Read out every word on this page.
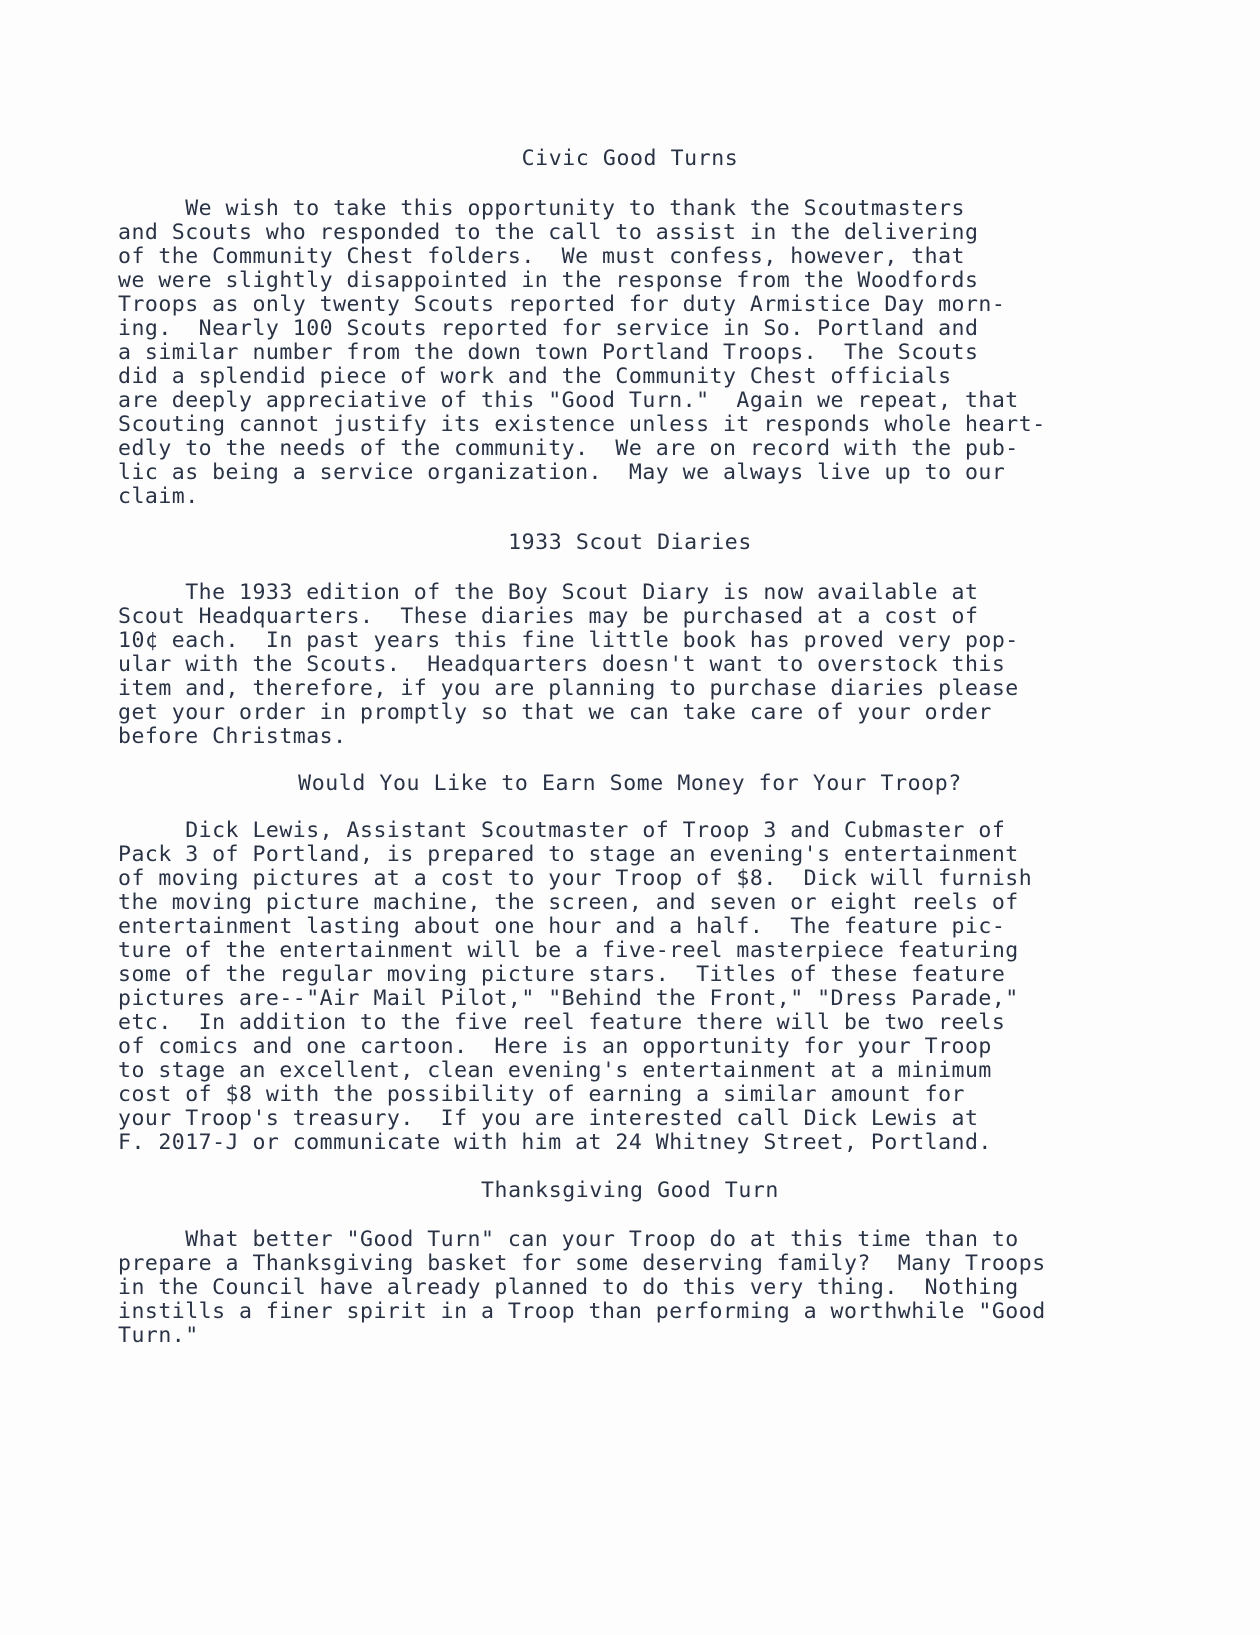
Civic Good Turns
We wish to take this opportunity to thank the Scoutmasters
and Scouts who responded to the call to assist in the delivering
of the Community Chest folders.  We must confess, however, that
we were slightly disappointed in the response from the Woodfords
Troops as only twenty Scouts reported for duty Armistice Day morn-
ing.  Nearly 100 Scouts reported for service in So. Portland and
a similar number from the down town Portland Troops.  The Scouts
did a splendid piece of work and the Community Chest officials
are deeply appreciative of this "Good Turn."  Again we repeat, that
Scouting cannot justify its existence unless it responds whole heart-
edly to the needs of the community.  We are on record with the pub-
lic as being a service organization.  May we always live up to our
claim.
1933 Scout Diaries
The 1933 edition of the Boy Scout Diary is now available at
Scout Headquarters.  These diaries may be purchased at a cost of
10¢ each.  In past years this fine little book has proved very pop-
ular with the Scouts.  Headquarters doesn't want to overstock this
item and, therefore, if you are planning to purchase diaries please
get your order in promptly so that we can take care of your order
before Christmas.
Would You Like to Earn Some Money for Your Troop?
Dick Lewis, Assistant Scoutmaster of Troop 3 and Cubmaster of
Pack 3 of Portland, is prepared to stage an evening's entertainment
of moving pictures at a cost to your Troop of $8.  Dick will furnish
the moving picture machine, the screen, and seven or eight reels of
entertainment lasting about one hour and a half.  The feature pic-
ture of the entertainment will be a five-reel masterpiece featuring
some of the regular moving picture stars.  Titles of these feature
pictures are--"Air Mail Pilot," "Behind the Front," "Dress Parade,"
etc.  In addition to the five reel feature there will be two reels
of comics and one cartoon.  Here is an opportunity for your Troop
to stage an excellent, clean evening's entertainment at a minimum
cost of $8 with the possibility of earning a similar amount for
your Troop's treasury.  If you are interested call Dick Lewis at
F. 2017-J or communicate with him at 24 Whitney Street, Portland.
Thanksgiving Good Turn
What better "Good Turn" can your Troop do at this time than to
prepare a Thanksgiving basket for some deserving family?  Many Troops
in the Council have already planned to do this very thing.  Nothing
instills a finer spirit in a Troop than performing a worthwhile "Good
Turn."
